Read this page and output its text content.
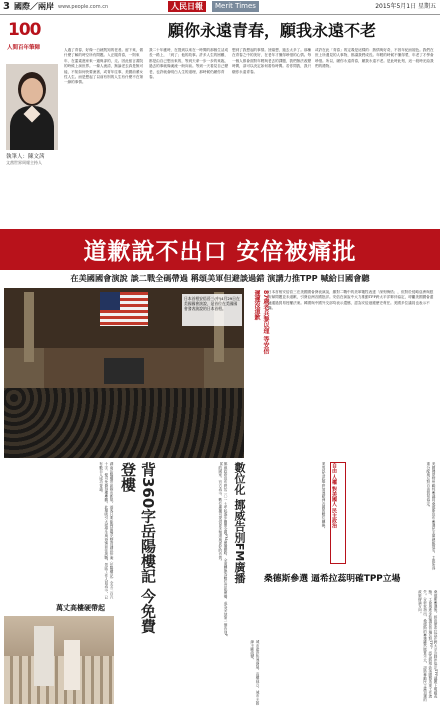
3 國際／兩岸 www.people.com.cn	人民日報	Merit Times	2015年5月1日 星期五
100
人間百年筆陣
願你永遠青春，願我永遠不老
執筆人：陳文茜
文茜世界周報主持人
人過了青春，好像一白就既知的老者。留下來，做什麼了解的時空所有問題。入正服青春，一則來年，在蓋素進家來一過與卻的，走。因此留言書院的時候上演世界。一條人流清，無論老去真是無可能，不知如何快要流著，或青年往事，美國前輩女性人生。而是想起了以前有別的人生有什麼不在第一線的事情。
我二十年應時，在提到以來在一時間的那個生活成長一路上，「到了」他的故事。許多人生的困難，都是由自己想出來的，等到天命一步一步的來臨，過去的事就像溪流一般向前。等到一天看見自己變老，也許就會明白人生的道理，那時候仍願你青春。
想到了我想起的事情。回頭想，過去太多了。那種在青春之中的美好，在老年才懂得珍惜的心情。每一個人都會面對年輕與老去的課題，我們無法改變時間，卻可以決定如何看待時間。若你問我，我只願你永遠青春。
或許在此「青春」的定義是這樣的：熱情與好奇，不因年紀而褪色。我們在世上所遇見的人事物，都讓我們成長。年輕的時候不懂得愛，年老了才學會珍惜。所以，願你永遠青春，願我永遠不老。是此時此刻，這一段時光給我們的禮物。
道歉說不出口 安倍被痛批
在美國國會演說 談二戰全碼帶過 稱頌美軍但避談過錯 演講力推TPP 喊給日國會聽
日本首相安倍晉三(中)4月29日在美國國會演說，是首位在美國國會發表演說的日本首相。	87歲老兵黎以理 等安倍 遲遲沒道歉	日本首相安倍晉三在美國國會發表演說，雖對二戰中的美軍犧牲表達「深刻悔悟」，但對於侵略亞洲與慰安婦問題並未道歉，引發亞洲各國批評。安倍在演說中大力推動TPP跨太平洋夥伴協定，呼籲美國國會盡速通過貿易授權法案。韓國與中國外交部均表示遺憾，認為安倍迴避歷史責任。美國多位議員也表示不滿。
湖南岳陽樓景區推出新規，遊客只要能夠當場完整背誦范仲淹〈岳陽樓記〉全文三百六十字，便可免費登樓參觀。此舉吸引大批學生與遊客前往挑戰，景區工作人員表示，已有數百人成功背誦。	背360字岳陽樓記 今免費登樓	挪威政府宣布將於二〇一七年起逐步關閉全國FM廣播網路，全面轉換為數位音訊廣播，成為全球第一個告別FM的國家。官方表示，數位廣播可提供更多頻道與更好的音質。 數位化 挪威告別FM廣播	業界認為此舉將加速歐洲各國的數位轉換。 自由 人權 對美國人 民主政治	美國佛蒙特州聯邦參議員桑德斯宣布參選民主黨總統提名，主張所得重分配與反對自由貿易協定。
桑德斯參選 逼希拉蕊明確TPP立場
桑德斯參選後，將迫使希拉蕊在跨太平洋夥伴協定TPP議題上明確表態。工會與進步派選民普遍反對TPP，認為將導致美國製造業工作流失。分析家指出，桑德斯的參選雖然勝算不大，卻將牽動民主黨初選的政策辯論方向。
萬丈高樓硬帶起
城市建設快速發展，高樓林立，城市天際線不斷改變。
